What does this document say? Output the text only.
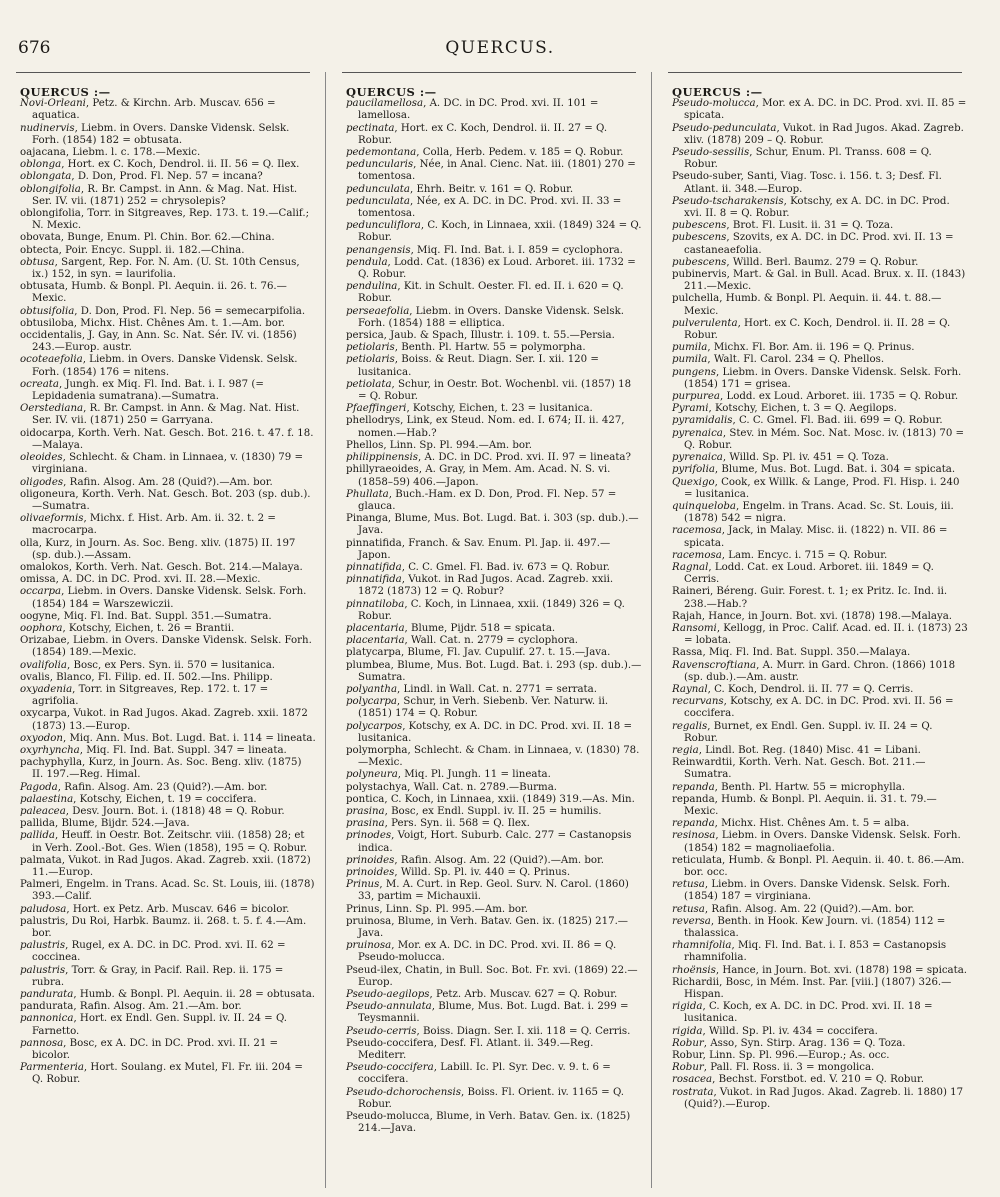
676	QUERCUS.
QUERCUS :—
Novi-Orleani, Petz. & Kirchn. Arb. Muscav. 656 = aquatica.
nudinervis, Liebm. in Overs. Danske Vidensk. Selsk. Forh. (1854) 182 = obtusata.
oajacana, Liebm. l. c. 178.—Mexic.
oblonga, Hort. ex C. Koch, Dendrol. ii. II. 56 = Q. Ilex.
oblongata, D. Don, Prod. Fl. Nep. 57 = incana?
oblongifolia, R. Br. Campst. in Ann. & Mag. Nat. Hist. Ser. IV. vii. (1871) 252 = chrysolepis?
oblongifolia, Torr. in Sitgreaves, Rep. 173. t. 19.—Calif.; N. Mexic.
obovata, Bunge, Enum. Pl. Chin. Bor. 62.—China.
obtecta, Poir. Encyc. Suppl. ii. 182.—China.
obtusa, Sargent, Rep. For. N. Am. (U. St. 10th Census, ix.) 152, in syn. = laurifolia.
obtusata, Humb. & Bonpl. Pl. Aequin. ii. 26. t. 76.—Mexic.
obtusifolia, D. Don, Prod. Fl. Nep. 56 = semecarpifolia.
obtusiloba, Michx. Hist. Chênes Am. t. 1.—Am. bor.
occidentalis, J. Gay, in Ann. Sc. Nat. Sér. IV. vi. (1856) 243.—Europ. austr.
ocoteaefolia, Liebm. in Overs. Danske Vidensk. Selsk. Forh. (1854) 176 = nitens.
ocreata, Jungh. ex Miq. Fl. Ind. Bat. i. I. 987 (= Lepidadenia sumatrana).—Sumatra.
Oerstediana, R. Br. Campst. in Ann. & Mag. Nat. Hist. Ser. IV. vii. (1871) 250 = Garryana.
oidocarpa, Korth. Verh. Nat. Gesch. Bot. 216. t. 47. f. 18.—Malaya.
oleoides, Schlecht. & Cham. in Linnaea, v. (1830) 79 = virginiana.
oligodes, Rafin. Alsog. Am. 28 (Quid?).—Am. bor.
oligoneura, Korth. Verh. Nat. Gesch. Bot. 203 (sp. dub.).—Sumatra.
olivaeformis, Michx. f. Hist. Arb. Am. ii. 32. t. 2 = macrocarpa.
olla, Kurz, in Journ. As. Soc. Beng. xliv. (1875) II. 197 (sp. dub.).—Assam.
omalokos, Korth. Verh. Nat. Gesch. Bot. 214.—Malaya.
omissa, A. DC. in DC. Prod. xvi. II. 28.—Mexic.
occarpa, Liebm. in Overs. Danske Vidensk. Selsk. Forh. (1854) 184 = Warszewiczii.
oogyne, Miq. Fl. Ind. Bat. Suppl. 351.—Sumatra.
oophora, Kotschy, Eichen, t. 26 = Brantii.
Orizabae, Liebm. in Overs. Danske Vidensk. Selsk. Forh. (1854) 189.—Mexic.
ovalifolia, Bosc, ex Pers. Syn. ii. 570 = lusitanica.
ovalis, Blanco, Fl. Filip. ed. II. 502.—Ins. Philipp.
oxyadenia, Torr. in Sitgreaves, Rep. 172. t. 17 = agrifolia.
oxycarpa, Vukot. in Rad Jugos. Akad. Zagreb. xxii. 1872 (1873) 13.—Europ.
oxyodon, Miq. Ann. Mus. Bot. Lugd. Bat. i. 114 = lineata.
oxyrhyncha, Miq. Fl. Ind. Bat. Suppl. 347 = lineata.
pachyphylla, Kurz, in Journ. As. Soc. Beng. xliv. (1875) II. 197.—Reg. Himal.
Pagoda, Rafin. Alsog. Am. 23 (Quid?).—Am. bor.
palaestina, Kotschy, Eichen, t. 19 = coccifera.
paleacea, Desv. Journ. Bot. i. (1818) 48 = Q. Robur.
pallida, Blume, Bijdr. 524.—Java.
pallida, Heuff. in Oestr. Bot. Zeitschr. viii. (1858) 28; et in Verh. Zool.-Bot. Ges. Wien (1858), 195 = Q. Robur.
palmata, Vukot. in Rad Jugos. Akad. Zagreb. xxii. (1872) 11.—Europ.
Palmeri, Engelm. in Trans. Acad. Sc. St. Louis, iii. (1878) 393.—Calif.
paludosa, Hort. ex Petz. Arb. Muscav. 646 = bicolor.
palustris, Du Roi, Harbk. Baumz. ii. 268. t. 5. f. 4.—Am. bor.
palustris, Rugel, ex A. DC. in DC. Prod. xvi. II. 62 = coccinea.
palustris, Torr. & Gray, in Pacif. Rail. Rep. ii. 175 = rubra.
pandurata, Humb. & Bonpl. Pl. Aequin. ii. 28 = obtusata.
pandurata, Rafin. Alsog. Am. 21.—Am. bor.
pannonica, Hort. ex Endl. Gen. Suppl. iv. II. 24 = Q. Farnetto.
pannosa, Bosc, ex A. DC. in DC. Prod. xvi. II. 21 = bicolor.
Parmenteria, Hort. Soulang. ex Mutel, Fl. Fr. iii. 204 = Q. Robur.
QUERCUS :—
paucilamellosa, A. DC. in DC. Prod. xvi. II. 101 = lamellosa.
pectinata, Hort. ex C. Koch, Dendrol. ii. II. 27 = Q. Robur.
pedemontana, Colla, Herb. Pedem. v. 185 = Q. Robur.
peduncularis, Née, in Anal. Cienc. Nat. iii. (1801) 270 = tomentosa.
pedunculata, Ehrh. Beitr. v. 161 = Q. Robur.
pedunculata, Née, ex A. DC. in DC. Prod. xvi. II. 33 = tomentosa.
pedunculiflora, C. Koch, in Linnaea, xxii. (1849) 324 = Q. Robur.
penangensis, Miq. Fl. Ind. Bat. i. I. 859 = cyclophora.
pendula, Lodd. Cat. (1836) ex Loud. Arboret. iii. 1732 = Q. Robur.
pendulina, Kit. in Schult. Oester. Fl. ed. II. i. 620 = Q. Robur.
perseaefolia, Liebm. in Overs. Danske Vidensk. Selsk. Forh. (1854) 188 = elliptica.
persica, Jaub. & Spach, Illustr. i. 109. t. 55.—Persia.
petiolaris, Benth. Pl. Hartw. 55 = polymorpha.
petiolaris, Boiss. & Reut. Diagn. Ser. I. xii. 120 = lusitanica.
petiolata, Schur, in Oestr. Bot. Wochenbl. vii. (1857) 18 = Q. Robur.
Pfaeffingeri, Kotschy, Eichen, t. 23 = lusitanica.
phellodrys, Link, ex Steud. Nom. ed. I. 674; II. ii. 427, nomen.—Hab.?
Phellos, Linn. Sp. Pl. 994.—Am. bor.
philippinensis, A. DC. in DC. Prod. xvi. II. 97 = lineata?
phillyraeoides, A. Gray, in Mem. Am. Acad. N. S. vi. (1858–59) 406.—Japon.
Phullata, Buch.-Ham. ex D. Don, Prod. Fl. Nep. 57 = glauca.
Pinanga, Blume, Mus. Bot. Lugd. Bat. i. 303 (sp. dub.).—Java.
pinnatifida, Franch. & Sav. Enum. Pl. Jap. ii. 497.—Japon.
pinnatifida, C. C. Gmel. Fl. Bad. iv. 673 = Q. Robur.
pinnatifida, Vukot. in Rad Jugos. Acad. Zagreb. xxii. 1872 (1873) 12 = Q. Robur?
pinnatiloba, C. Koch, in Linnaea, xxii. (1849) 326 = Q. Robur.
placentaria, Blume, Pijdr. 518 = spicata.
placentaria, Wall. Cat. n. 2779 = cyclophora.
platycarpa, Blume, Fl. Jav. Cupulif. 27. t. 15.—Java.
plumbea, Blume, Mus. Bot. Lugd. Bat. i. 293 (sp. dub.).—Sumatra.
polyantha, Lindl. in Wall. Cat. n. 2771 = serrata.
polycarpa, Schur, in Verh. Siebenb. Ver. Naturw. ii. (1851) 174 = Q. Robur.
polycarpos, Kotschy, ex A. DC. in DC. Prod. xvi. II. 18 = lusitanica.
polymorpha, Schlecht. & Cham. in Linnaea, v. (1830) 78.—Mexic.
polyneura, Miq. Pl. Jungh. 11 = lineata.
polystachya, Wall. Cat. n. 2789.—Burma.
pontica, C. Koch, in Linnaea, xxii. (1849) 319.—As. Min.
prasina, Bosc, ex Endl. Suppl. iv. II. 25 = humilis.
prasina, Pers. Syn. ii. 568 = Q. Ilex.
prinodes, Voigt, Hort. Suburb. Calc. 277 = Castanopsis indica.
prinoides, Rafin. Alsog. Am. 22 (Quid?).—Am. bor.
prinoides, Willd. Sp. Pl. iv. 440 = Q. Prinus.
Prinus, M. A. Curt. in Rep. Geol. Surv. N. Carol. (1860) 33, partim = Michauxii.
Prinus, Linn. Sp. Pl. 995.—Am. bor.
pruinosa, Blume, in Verh. Batav. Gen. ix. (1825) 217.—Java.
pruinosa, Mor. ex A. DC. in DC. Prod. xvi. II. 86 = Q. Pseudo-molucca.
Pseud-ilex, Chatin, in Bull. Soc. Bot. Fr. xvi. (1869) 22.—Europ.
Pseudo-aegilops, Petz. Arb. Muscav. 627 = Q. Robur.
Pseudo-annulata, Blume, Mus. Bot. Lugd. Bat. i. 299 = Teysmannii.
Pseudo-cerris, Boiss. Diagn. Ser. I. xii. 118 = Q. Cerris.
Pseudo-coccifera, Desf. Fl. Atlant. ii. 349.—Reg. Mediterr.
Pseudo-coccifera, Labill. Ic. Pl. Syr. Dec. v. 9. t. 6 = coccifera.
Pseudo-dchorochensis, Boiss. Fl. Orient. iv. 1165 = Q. Robur.
Pseudo-molucca, Blume, in Verh. Batav. Gen. ix. (1825) 214.—Java.
QUERCUS :—
Pseudo-molucca, Mor. ex A. DC. in DC. Prod. xvi. II. 85 = spicata.
Pseudo-pedunculata, Vukot. in Rad Jugos. Akad. Zagreb. xliv. (1878) 209 – Q. Robur.
Pseudo-sessilis, Schur, Enum. Pl. Transs. 608 = Q. Robur.
Pseudo-suber, Santi, Viag. Tosc. i. 156. t. 3; Desf. Fl. Atlant. ii. 348.—Europ.
Pseudo-tscharakensis, Kotschy, ex A. DC. in DC. Prod. xvi. II. 8 = Q. Robur.
pubescens, Brot. Fl. Lusit. ii. 31 = Q. Toza.
pubescens, Szovits, ex A. DC. in DC. Prod. xvi. II. 13 = castaneaefolia.
pubescens, Willd. Berl. Baumz. 279 = Q. Robur.
pubinervis, Mart. & Gal. in Bull. Acad. Brux. x. II. (1843) 211.—Mexic.
pulchella, Humb. & Bonpl. Pl. Aequin. ii. 44. t. 88.—Mexic.
pulverulenta, Hort. ex C. Koch, Dendrol. ii. II. 28 = Q. Robur.
pumila, Michx. Fl. Bor. Am. ii. 196 = Q. Prinus.
pumila, Walt. Fl. Carol. 234 = Q. Phellos.
pungens, Liebm. in Overs. Danske Vidensk. Selsk. Forh. (1854) 171 = grisea.
purpurea, Lodd. ex Loud. Arboret. iii. 1735 = Q. Robur.
Pyrami, Kotschy, Eichen, t. 3 = Q. Aegilops.
pyramidalis, C. C. Gmel. Fl. Bad. iii. 699 = Q. Robur.
pyrenaica, Stev. in Mém. Soc. Nat. Mosc. iv. (1813) 70 = Q. Robur.
pyrenaica, Willd. Sp. Pl. iv. 451 = Q. Toza.
pyrifolia, Blume, Mus. Bot. Lugd. Bat. i. 304 = spicata.
Quexigo, Cook, ex Willk. & Lange, Prod. Fl. Hisp. i. 240 = lusitanica.
quinqueloba, Engelm. in Trans. Acad. Sc. St. Louis, iii. (1878) 542 = nigra.
racemosa, Jack, in Malay. Misc. ii. (1822) n. VII. 86 = spicata.
racemosa, Lam. Encyc. i. 715 = Q. Robur.
Ragnal, Lodd. Cat. ex Loud. Arboret. iii. 1849 = Q. Cerris.
Raineri, Béreng. Guir. Forest. t. 1; ex Pritz. Ic. Ind. ii. 238.—Hab.?
Rajah, Hance, in Journ. Bot. xvi. (1878) 198.—Malaya.
Ransomi, Kellogg, in Proc. Calif. Acad. ed. II. i. (1873) 23 = lobata.
Rassa, Miq. Fl. Ind. Bat. Suppl. 350.—Malaya.
Ravenscroftiana, A. Murr. in Gard. Chron. (1866) 1018 (sp. dub.).—Am. austr.
Raynal, C. Koch, Dendrol. ii. II. 77 = Q. Cerris.
recurvans, Kotschy, ex A. DC. in DC. Prod. xvi. II. 56 = coccifera.
regalis, Burnet, ex Endl. Gen. Suppl. iv. II. 24 = Q. Robur.
regia, Lindl. Bot. Reg. (1840) Misc. 41 = Libani.
Reinwardtii, Korth. Verh. Nat. Gesch. Bot. 211.—Sumatra.
repanda, Benth. Pl. Hartw. 55 = microphylla.
repanda, Humb. & Bonpl. Pl. Aequin. ii. 31. t. 79.—Mexic.
repanda, Michx. Hist. Chênes Am. t. 5 = alba.
resinosa, Liebm. in Overs. Danske Vidensk. Selsk. Forh. (1854) 182 = magnoliaefolia.
reticulata, Humb. & Bonpl. Pl. Aequin. ii. 40. t. 86.—Am. bor. occ.
retusa, Liebm. in Overs. Danske Vidensk. Selsk. Forh. (1854) 187 = virginiana.
retusa, Rafin. Alsog. Am. 22 (Quid?).—Am. bor.
reversa, Benth. in Hook. Kew Journ. vi. (1854) 112 = thalassica.
rhamnifolia, Miq. Fl. Ind. Bat. i. I. 853 = Castanopsis rhamnifolia.
rhoënsis, Hance, in Journ. Bot. xvi. (1878) 198 = spicata.
Richardii, Bosc, in Mém. Inst. Par. [viii.] (1807) 326.—Hispan.
rigida, C. Koch, ex A. DC. in DC. Prod. xvi. II. 18 = lusitanica.
rigida, Willd. Sp. Pl. iv. 434 = coccifera.
Robur, Asso, Syn. Stirp. Arag. 136 = Q. Toza.
Robur, Linn. Sp. Pl. 996.—Europ.; As. occ.
Robur, Pall. Fl. Ross. ii. 3 = mongolica.
rosacea, Bechst. Forstbot. ed. V. 210 = Q. Robur.
rostrata, Vukot. in Rad Jugos. Akad. Zagreb. li. 1880) 17 (Quid?).—Europ.
